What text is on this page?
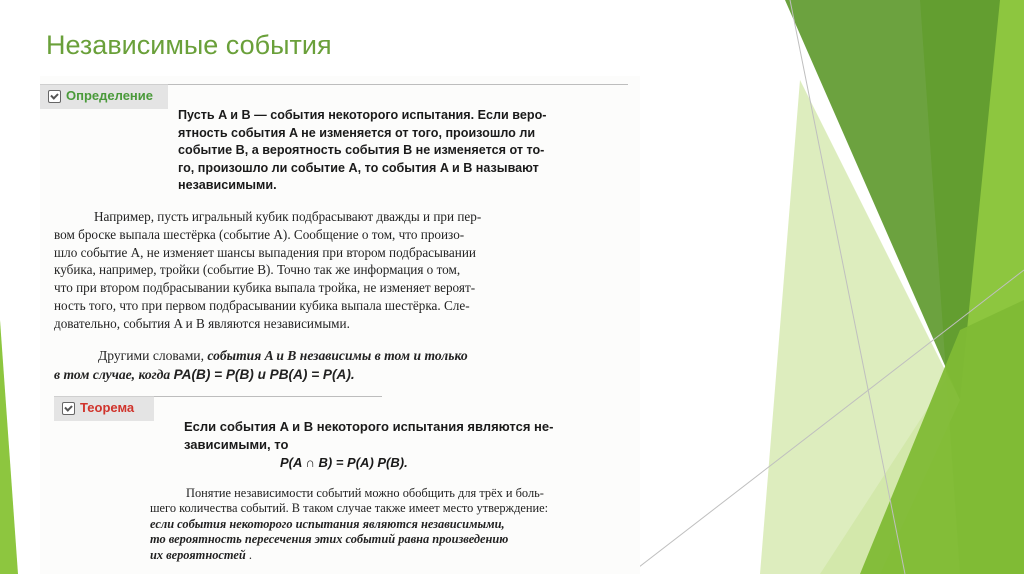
Независимые события
Определение
Пусть A и B — события некоторого испытания. Если веро-
ятность события A не изменяется от того, произошло ли
событие B, а вероятность события B не изменяется от то-
го, произошло ли событие A, то события A и B называют
независимыми.
Например, пусть игральный кубик подбрасывают дважды и при пер-
вом броске выпала шестёрка (событие A). Сообщение о том, что произо-
шло событие A, не изменяет шансы выпадения при втором подбрасывании
кубика, например, тройки (событие B). Точно так же информация о том,
что при втором подбрасывании кубика выпала тройка, не изменяет вероят-
ность того, что при первом подбрасывании кубика выпала шестёрка. Сле-
довательно, события A и B являются независимыми.
Другими словами, события A и B независимы в том и только
в том случае, когда PA(B) = P(B) и PB(A) = P(A).
Теорема
Если события A и B некоторого испытания являются не-
зависимыми, то
P(A ∩ B) = P(A) P(B).
Понятие независимости событий можно обобщить для трёх и боль-
шего количества событий. В таком случае также имеет место утверждение:
если события некоторого испытания являются независимыми,
то вероятность пересечения этих событий равна произведению
их вероятностей .
